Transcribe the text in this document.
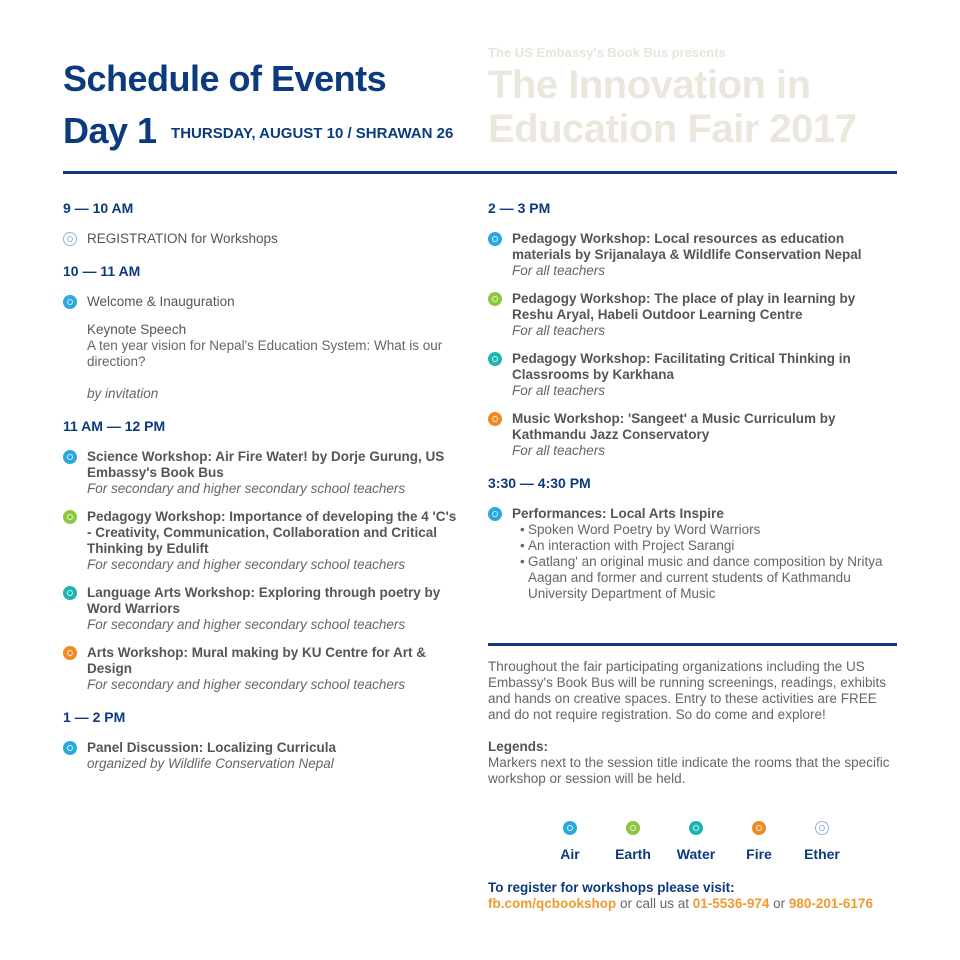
Schedule of Events
Day 1 THURSDAY, AUGUST 10 / SHRAWAN 26
The US Embassy's Book Bus presents
The Innovation in
Education Fair 2017
9 — 10 AM
REGISTRATION for Workshops
10 — 11 AM
Welcome & Inauguration
Keynote Speech
A ten year vision for Nepal's Education System: What is our direction?
by invitation
11 AM — 12 PM
Science Workshop: Air Fire Water! by Dorje Gurung, US Embassy's Book Bus
For secondary and higher secondary school teachers
Pedagogy Workshop: Importance of developing the 4 'C's - Creativity, Communication, Collaboration and Critical Thinking by Edulift
For secondary and higher secondary school teachers
Language Arts Workshop: Exploring through poetry by Word Warriors
For secondary and higher secondary school teachers
Arts Workshop: Mural making by KU Centre for Art & Design
For secondary and higher secondary school teachers
1 — 2 PM
Panel Discussion: Localizing Curricula
organized by Wildlife Conservation Nepal
2 — 3 PM
Pedagogy Workshop: Local resources as education materials by Srijanalaya & Wildlife Conservation Nepal
For all teachers
Pedagogy Workshop: The place of play in learning by Reshu Aryal, Habeli Outdoor Learning Centre
For all teachers
Pedagogy Workshop: Facilitating Critical Thinking in Classrooms by Karkhana
For all teachers
Music Workshop: 'Sangeet' a Music Curriculum by Kathmandu Jazz Conservatory
For all teachers
3:30 — 4:30 PM
Performances: Local Arts Inspire
• Spoken Word Poetry by Word Warriors
• An interaction with Project Sarangi
• Gatlang' an original music and dance composition by Nritya Aagan and former and current students of Kathmandu University Department of Music
Throughout the fair participating organizations including the US Embassy's Book Bus will be running screenings, readings, exhibits and hands on creative spaces. Entry to these activities are FREE and do not require registration. So do come and explore!
Legends:
Markers next to the session title indicate the rooms that the specific workshop or session will be held.
Air	Earth	Water	Fire	Ether
To register for workshops please visit:
fb.com/qcbookshop or call us at 01-5536-974 or 980-201-6176
